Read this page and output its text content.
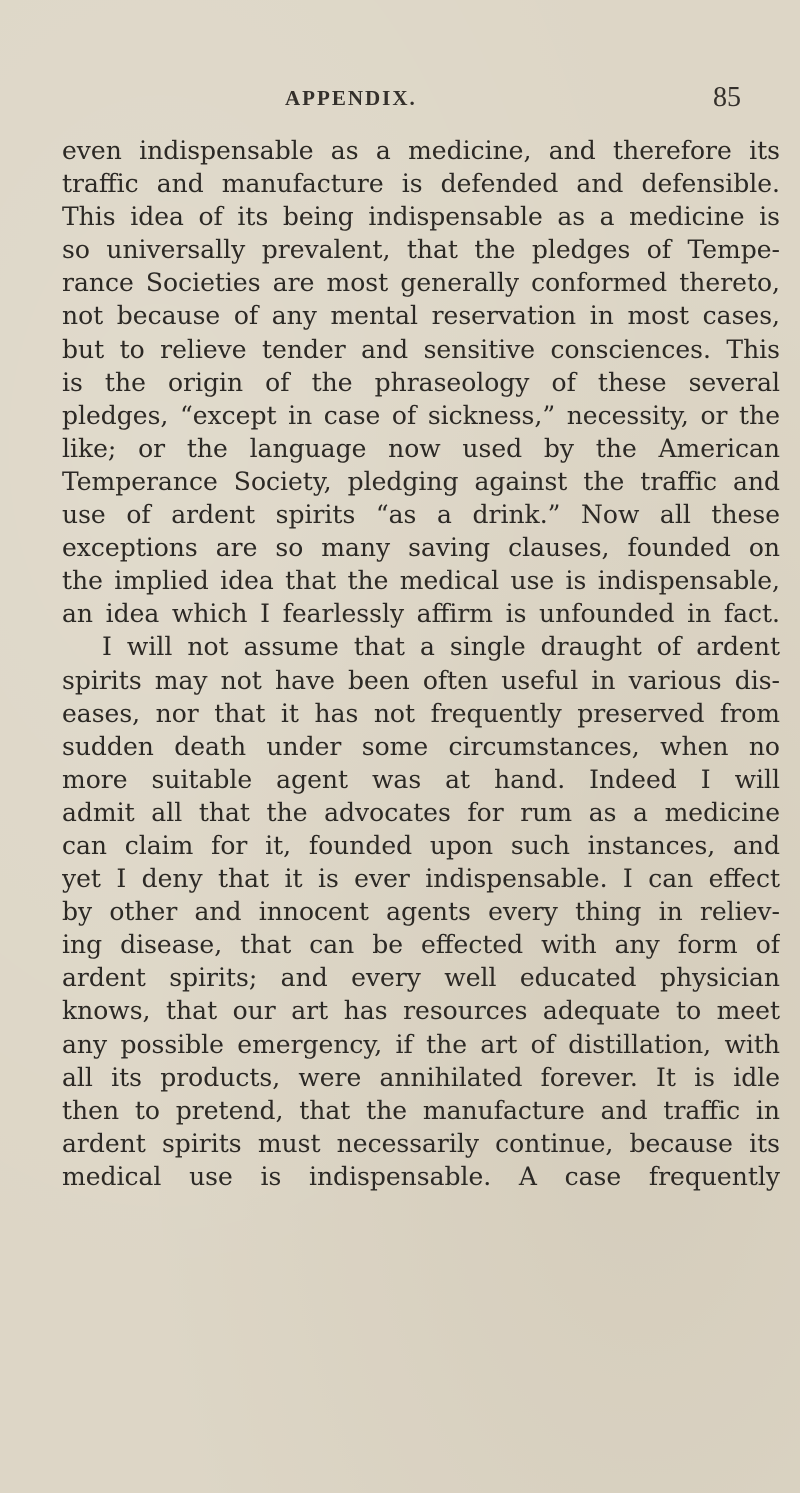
APPENDIX.	85
even indispensable as a medicine, and therefore its
traffic and manufacture is defended and defensible.
This idea of its being indispensable as a medicine is
so universally prevalent, that the pledges of Tempe-
rance Societies are most generally conformed thereto,
not because of any mental reservation in most cases,
but to relieve tender and sensitive consciences. This
is the origin of the phraseology of these several
pledges, “except in case of sickness,” necessity, or the
like; or the language now used by the American
Temperance Society, pledging against the traffic and
use of ardent spirits “as a drink.” Now all these
exceptions are so many saving clauses, founded on
the implied idea that the medical use is indispensable,
an idea which I fearlessly affirm is unfounded in fact.
I will not assume that a single draught of ardent
spirits may not have been often useful in various dis-
eases, nor that it has not frequently preserved from
sudden death under some circumstances, when no
more suitable agent was at hand. Indeed I will
admit all that the advocates for rum as a medicine
can claim for it, founded upon such instances, and
yet I deny that it is ever indispensable. I can effect
by other and innocent agents every thing in reliev-
ing disease, that can be effected with any form of
ardent spirits; and every well educated physician
knows, that our art has resources adequate to meet
any possible emergency, if the art of distillation, with
all its products, were annihilated forever. It is idle
then to pretend, that the manufacture and traffic in
ardent spirits must necessarily continue, because its
medical use is indispensable. A case frequently
